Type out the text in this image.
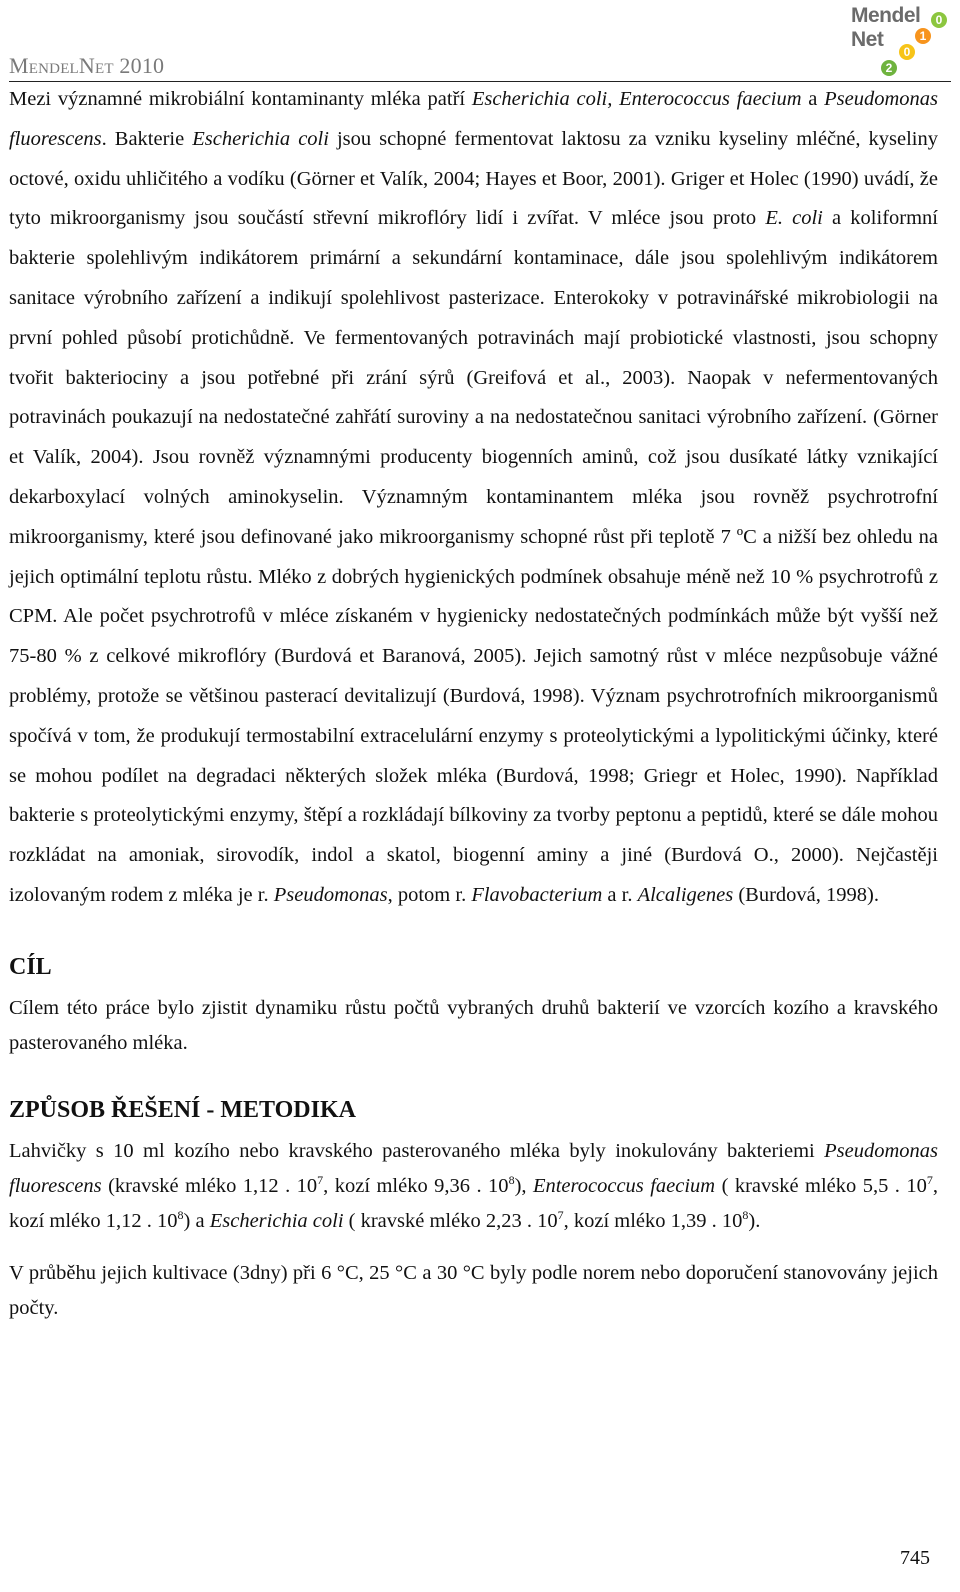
MendelNet 2010
Mendel
Net
0
1
0
2

Mezi významné mikrobiální kontaminanty mléka patří Escherichia coli, Enterococcus faecium a Pseudomonas fluorescens. Bakterie Escherichia coli jsou schopné fermentovat laktosu za vzniku kyseliny mléčné, kyseliny octové, oxidu uhličitého a vodíku (Görner et Valík, 2004; Hayes et Boor, 2001). Griger et Holec (1990) uvádí, že tyto mikroorganismy jsou součástí střevní mikroflóry lidí i zvířat. V mléce jsou proto E. coli a koliformní bakterie spolehlivým indikátorem primární a sekundární kontaminace, dále jsou spolehlivým indikátorem sanitace výrobního zařízení a indikují spolehlivost pasterizace. Enterokoky v potravinářské mikrobiologii na první pohled působí protichůdně. Ve fermentovaných potravinách mají probiotické vlastnosti, jsou schopny tvořit bakteriociny a jsou potřebné při zrání sýrů (Greifová et al., 2003). Naopak v nefermentovaných potravinách poukazují na nedostatečné zahřátí suroviny a na nedostatečnou sanitaci výrobního zařízení. (Görner et Valík, 2004). Jsou rovněž významnými producenty biogenních aminů, což jsou dusíkaté látky vznikající dekarboxylací volných aminokyselin. Významným kontaminantem mléka jsou rovněž psychrotrofní mikroorganismy, které jsou definované jako mikroorganismy schopné růst při teplotě 7 ºC a nižší bez ohledu na jejich optimální teplotu růstu. Mléko z dobrých hygienických podmínek obsahuje méně než 10 % psychrotrofů z CPM. Ale počet psychrotrofů v mléce získaném v hygienicky nedostatečných podmínkách může být vyšší než 75-80 % z celkové mikroflóry (Burdová et Baranová, 2005). Jejich samotný růst v mléce nezpůsobuje vážné problémy, protože se většinou pasterací devitalizují (Burdová, 1998). Význam psychrotrofních mikroorganismů spočívá v tom, že produkují termostabilní extracelulární enzymy s proteolytickými a lypolitickými účinky, které se mohou podílet na degradaci některých složek mléka (Burdová, 1998; Griegr et Holec, 1990). Například bakterie s proteolytickými enzymy, štěpí a rozkládají bílkoviny za tvorby peptonu a peptidů, které se dále mohou rozkládat na amoniak, sirovodík, indol a skatol, biogenní aminy a jiné (Burdová O., 2000). Nejčastěji izolovaným rodem z mléka je r. Pseudomonas, potom r. Flavobacterium a r. Alcaligenes (Burdová, 1998).

CÍL

Cílem této práce bylo zjistit dynamiku růstu počtů vybraných druhů bakterií ve vzorcích kozího a kravského pasterovaného mléka.

ZPŮSOB ŘEŠENÍ - METODIKA

Lahvičky s 10 ml kozího nebo kravského pasterovaného mléka byly inokulovány bakteriemi Pseudomonas fluorescens (kravské mléko 1,12 . $10^7$, kozí mléko 9,36 . $10^8$), Enterococcus faecium ( kravské mléko 5,5 . $10^7$, kozí mléko 1,12 . $10^8$) a Escherichia coli ( kravské mléko 2,23 . $10^7$, kozí mléko 1,39 . $10^8$).

V průběhu jejich kultivace (3dny) při 6 °C, 25 °C a 30 °C byly podle norem nebo doporučení stanovovány jejich počty.

745
